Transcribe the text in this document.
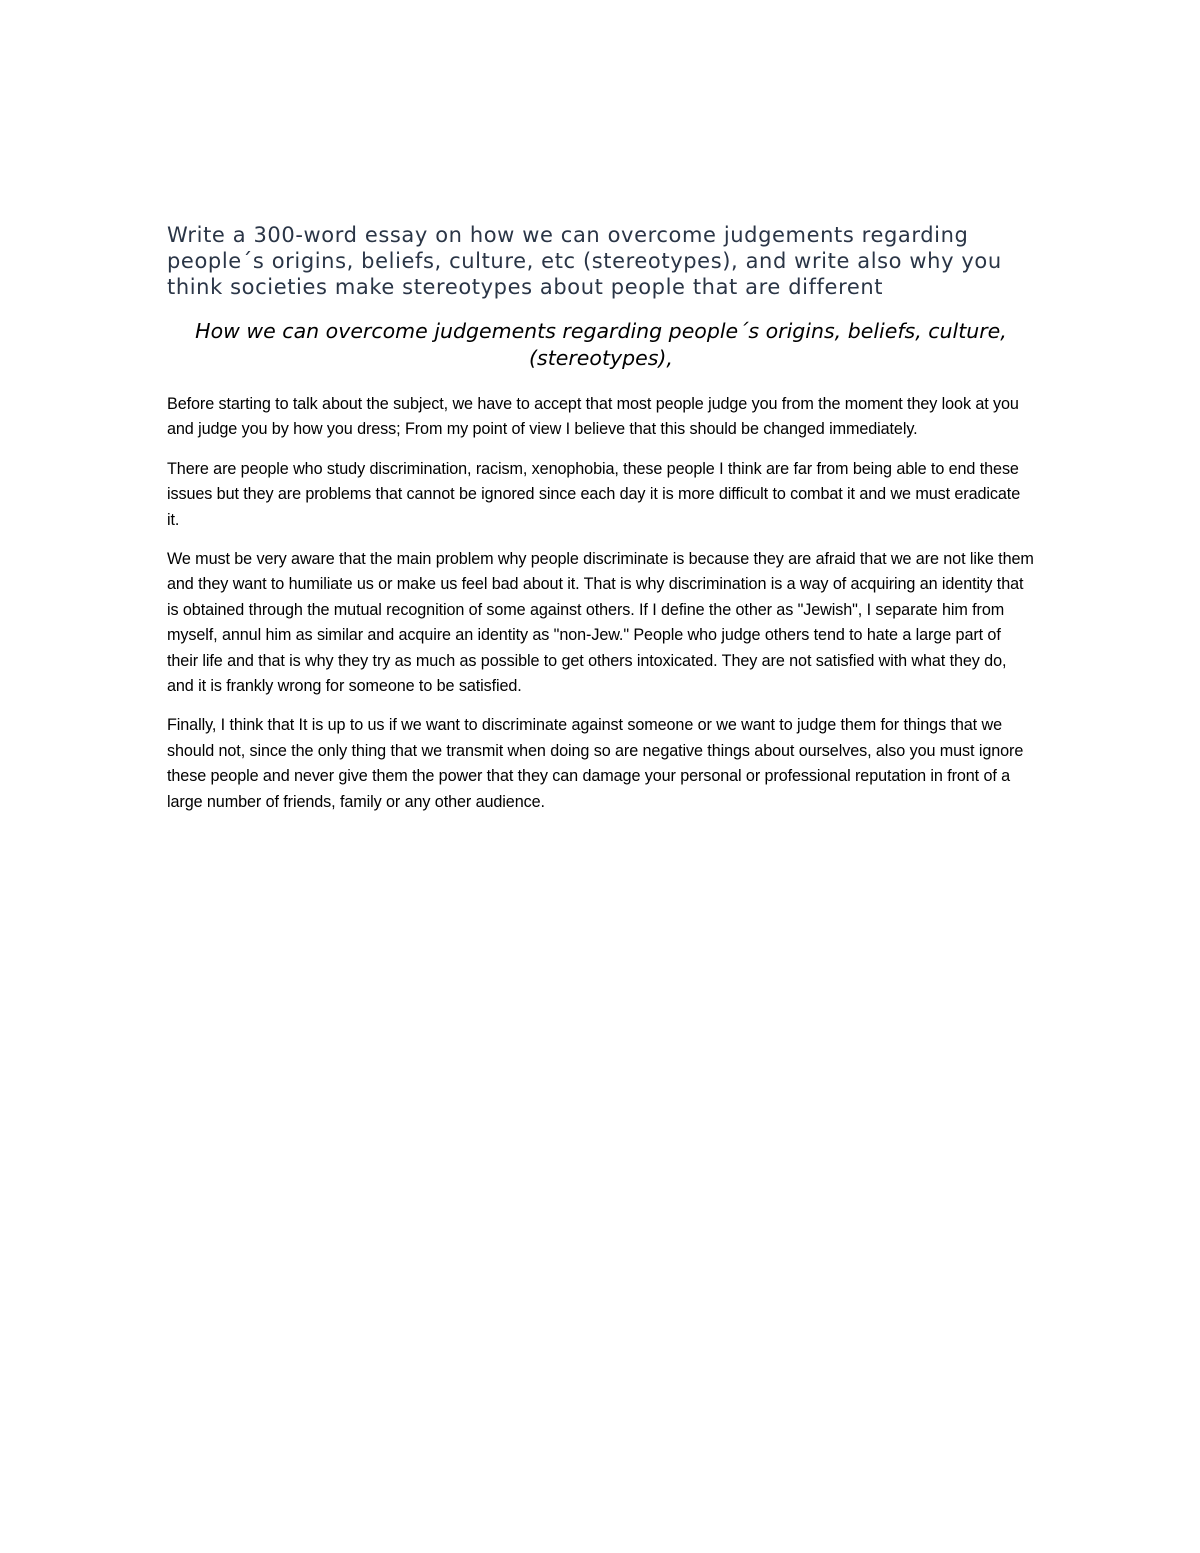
Write a 300-word essay on how we can overcome judgements regarding people´s origins, beliefs, culture, etc (stereotypes), and write also why you think societies make stereotypes about people that are different
How we can overcome judgements regarding people´s origins, beliefs, culture, (stereotypes),

Before starting to talk about the subject, we have to accept that most people judge you from the moment they look at you and judge you by how you dress; From my point of view I believe that this should be changed immediately.

There are people who study discrimination, racism, xenophobia, these people I think are far from being able to end these issues but they are problems that cannot be ignored since each day it is more difficult to combat it and we must eradicate it.

We must be very aware that the main problem why people discriminate is because they are afraid that we are not like them and they want to humiliate us or make us feel bad about it. That is why discrimination is a way of acquiring an identity that is obtained through the mutual recognition of some against others. If I define the other as "Jewish", I separate him from myself, annul him as similar and acquire an identity as "non-Jew." People who judge others tend to hate a large part of their life and that is why they try as much as possible to get others intoxicated. They are not satisfied with what they do, and it is frankly wrong for someone to be satisfied.

Finally, I think that It is up to us if we want to discriminate against someone or we want to judge them for things that we should not, since the only thing that we transmit when doing so are negative things about ourselves, also you must ignore these people and never give them the power that they can damage your personal or professional reputation in front of a large number of friends, family or any other audience.
